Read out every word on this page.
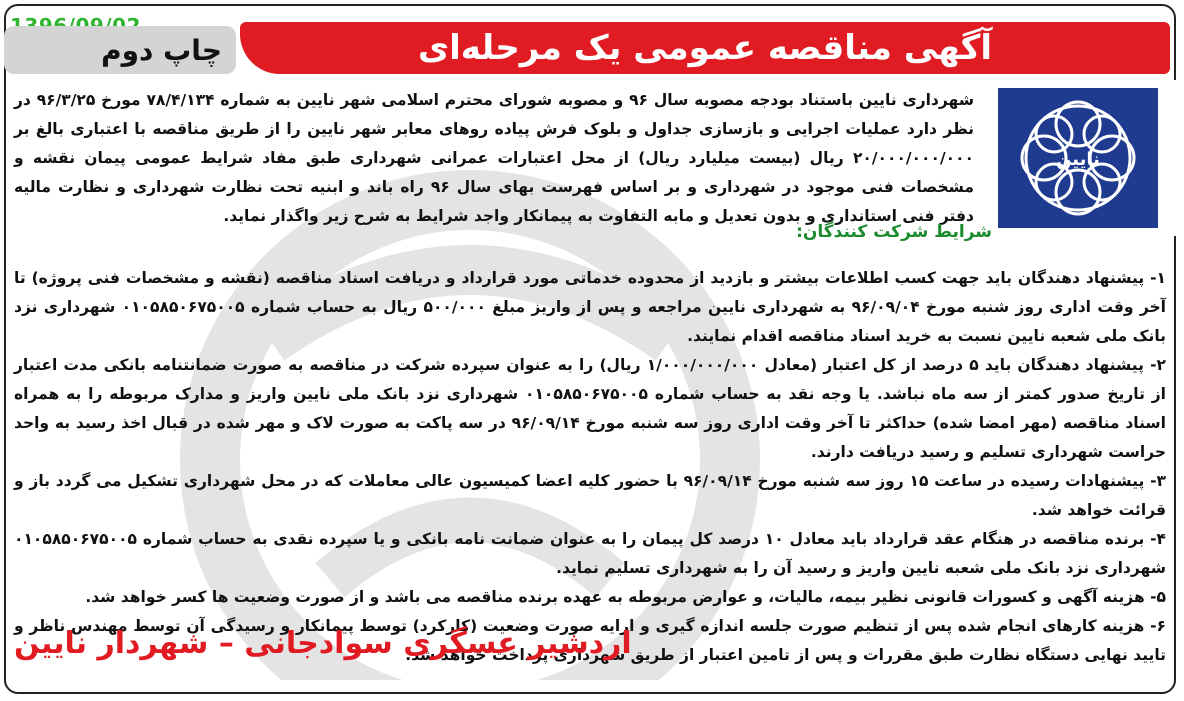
چاپ دوم	آگهی مناقصه عمومی یک مرحله‌ای
نایین

شهرداری نایین باستناد بودجه مصوبه سال ۹۶ و مصوبه شورای محترم اسلامی شهر نایین به شماره ۷۸/۴/۱۳۴ مورخ ۹۶/۳/۲۵ در نظر دارد عملیات اجرایی و بازسازی جداول و بلوک فرش پیاده روهای معابر شهر نایین را از طریق مناقصه با اعتباری بالغ بر ۲۰/۰۰۰/۰۰۰/۰۰۰ ریال (بیست میلیارد ریال) از محل اعتبارات عمرانی شهرداری طبق مفاد شرایط عمومی پیمان نقشه و مشخصات فنی موجود در شهرداری و بر اساس فهرست بهای سال ۹۶ راه باند و ابنیه تحت نظارت شهرداری و نظارت مالیه دفتر فنی استانداری و بدون تعدیل و مابه التفاوت به پیمانکار واجد شرایط به شرح زیر واگذار نماید.

شرایط شرکت کنندگان:

۱- پیشنهاد دهندگان باید جهت کسب اطلاعات بیشتر و بازدید از محدوده خدماتی مورد قرارداد و دریافت اسناد مناقصه (نقشه و مشخصات فنی پروژه) تا آخر وقت اداری روز شنبه مورخ ۹۶/۰۹/۰۴ به شهرداری نایین مراجعه و پس از واریز مبلغ ۵۰۰/۰۰۰ ریال به حساب شماره ۰۱۰۵۸۵۰۶۷۵۰۰۵ شهرداری نزد بانک ملی شعبه نایین نسبت به خرید اسناد مناقصه اقدام نمایند.

۲- پیشنهاد دهندگان باید ۵ درصد از کل اعتبار (معادل ۱/۰۰۰/۰۰۰/۰۰۰ ریال) را به عنوان سپرده شرکت در مناقصه به صورت ضمانتنامه بانکی مدت اعتبار از تاریخ صدور کمتر از سه ماه نباشد. یا وجه نقد به حساب شماره ۰۱۰۵۸۵۰۶۷۵۰۰۵ شهرداری نزد بانک ملی نایین واریز و مدارک مربوطه را به همراه اسناد مناقصه (مهر امضا شده) حداکثر تا آخر وقت اداری روز سه شنبه مورخ ۹۶/۰۹/۱۴ در سه پاکت به صورت لاک و مهر شده در قبال اخذ رسید به واحد حراست شهرداری تسلیم و رسید دریافت دارند.

۳- پیشنهادات رسیده در ساعت ۱۵ روز سه شنبه مورخ ۹۶/۰۹/۱۴ با حضور کلیه اعضا کمیسیون عالی معاملات که در محل شهرداری تشکیل می گردد باز و قرائت خواهد شد.

۴- برنده مناقصه در هنگام عقد قرارداد باید معادل ۱۰ درصد کل پیمان را به عنوان ضمانت نامه بانکی و یا سپرده نقدی به حساب شماره ۰۱۰۵۸۵۰۶۷۵۰۰۵ شهرداری نزد بانک ملی شعبه نایین واریز و رسید آن را به شهرداری تسلیم نماید.

۵- هزینه آگهی و کسورات قانونی نظیر بیمه، مالیات، و عوارض مربوطه به عهده برنده مناقصه می باشد و از صورت وضعیت ها کسر خواهد شد.

۶- هزینه کارهای انجام شده پس از تنظیم صورت جلسه اندازه گیری و ارایه صورت وضعیت (کارکرد) توسط پیمانکار و رسیدگی آن توسط مهندس ناظر و تایید نهایی دستگاه نظارت طبق مقررات و پس از تامین اعتبار از طریق شهرداری پرداخت خواهد شد.

اردشیر عسگری سوادجانی – شهردار نایین
